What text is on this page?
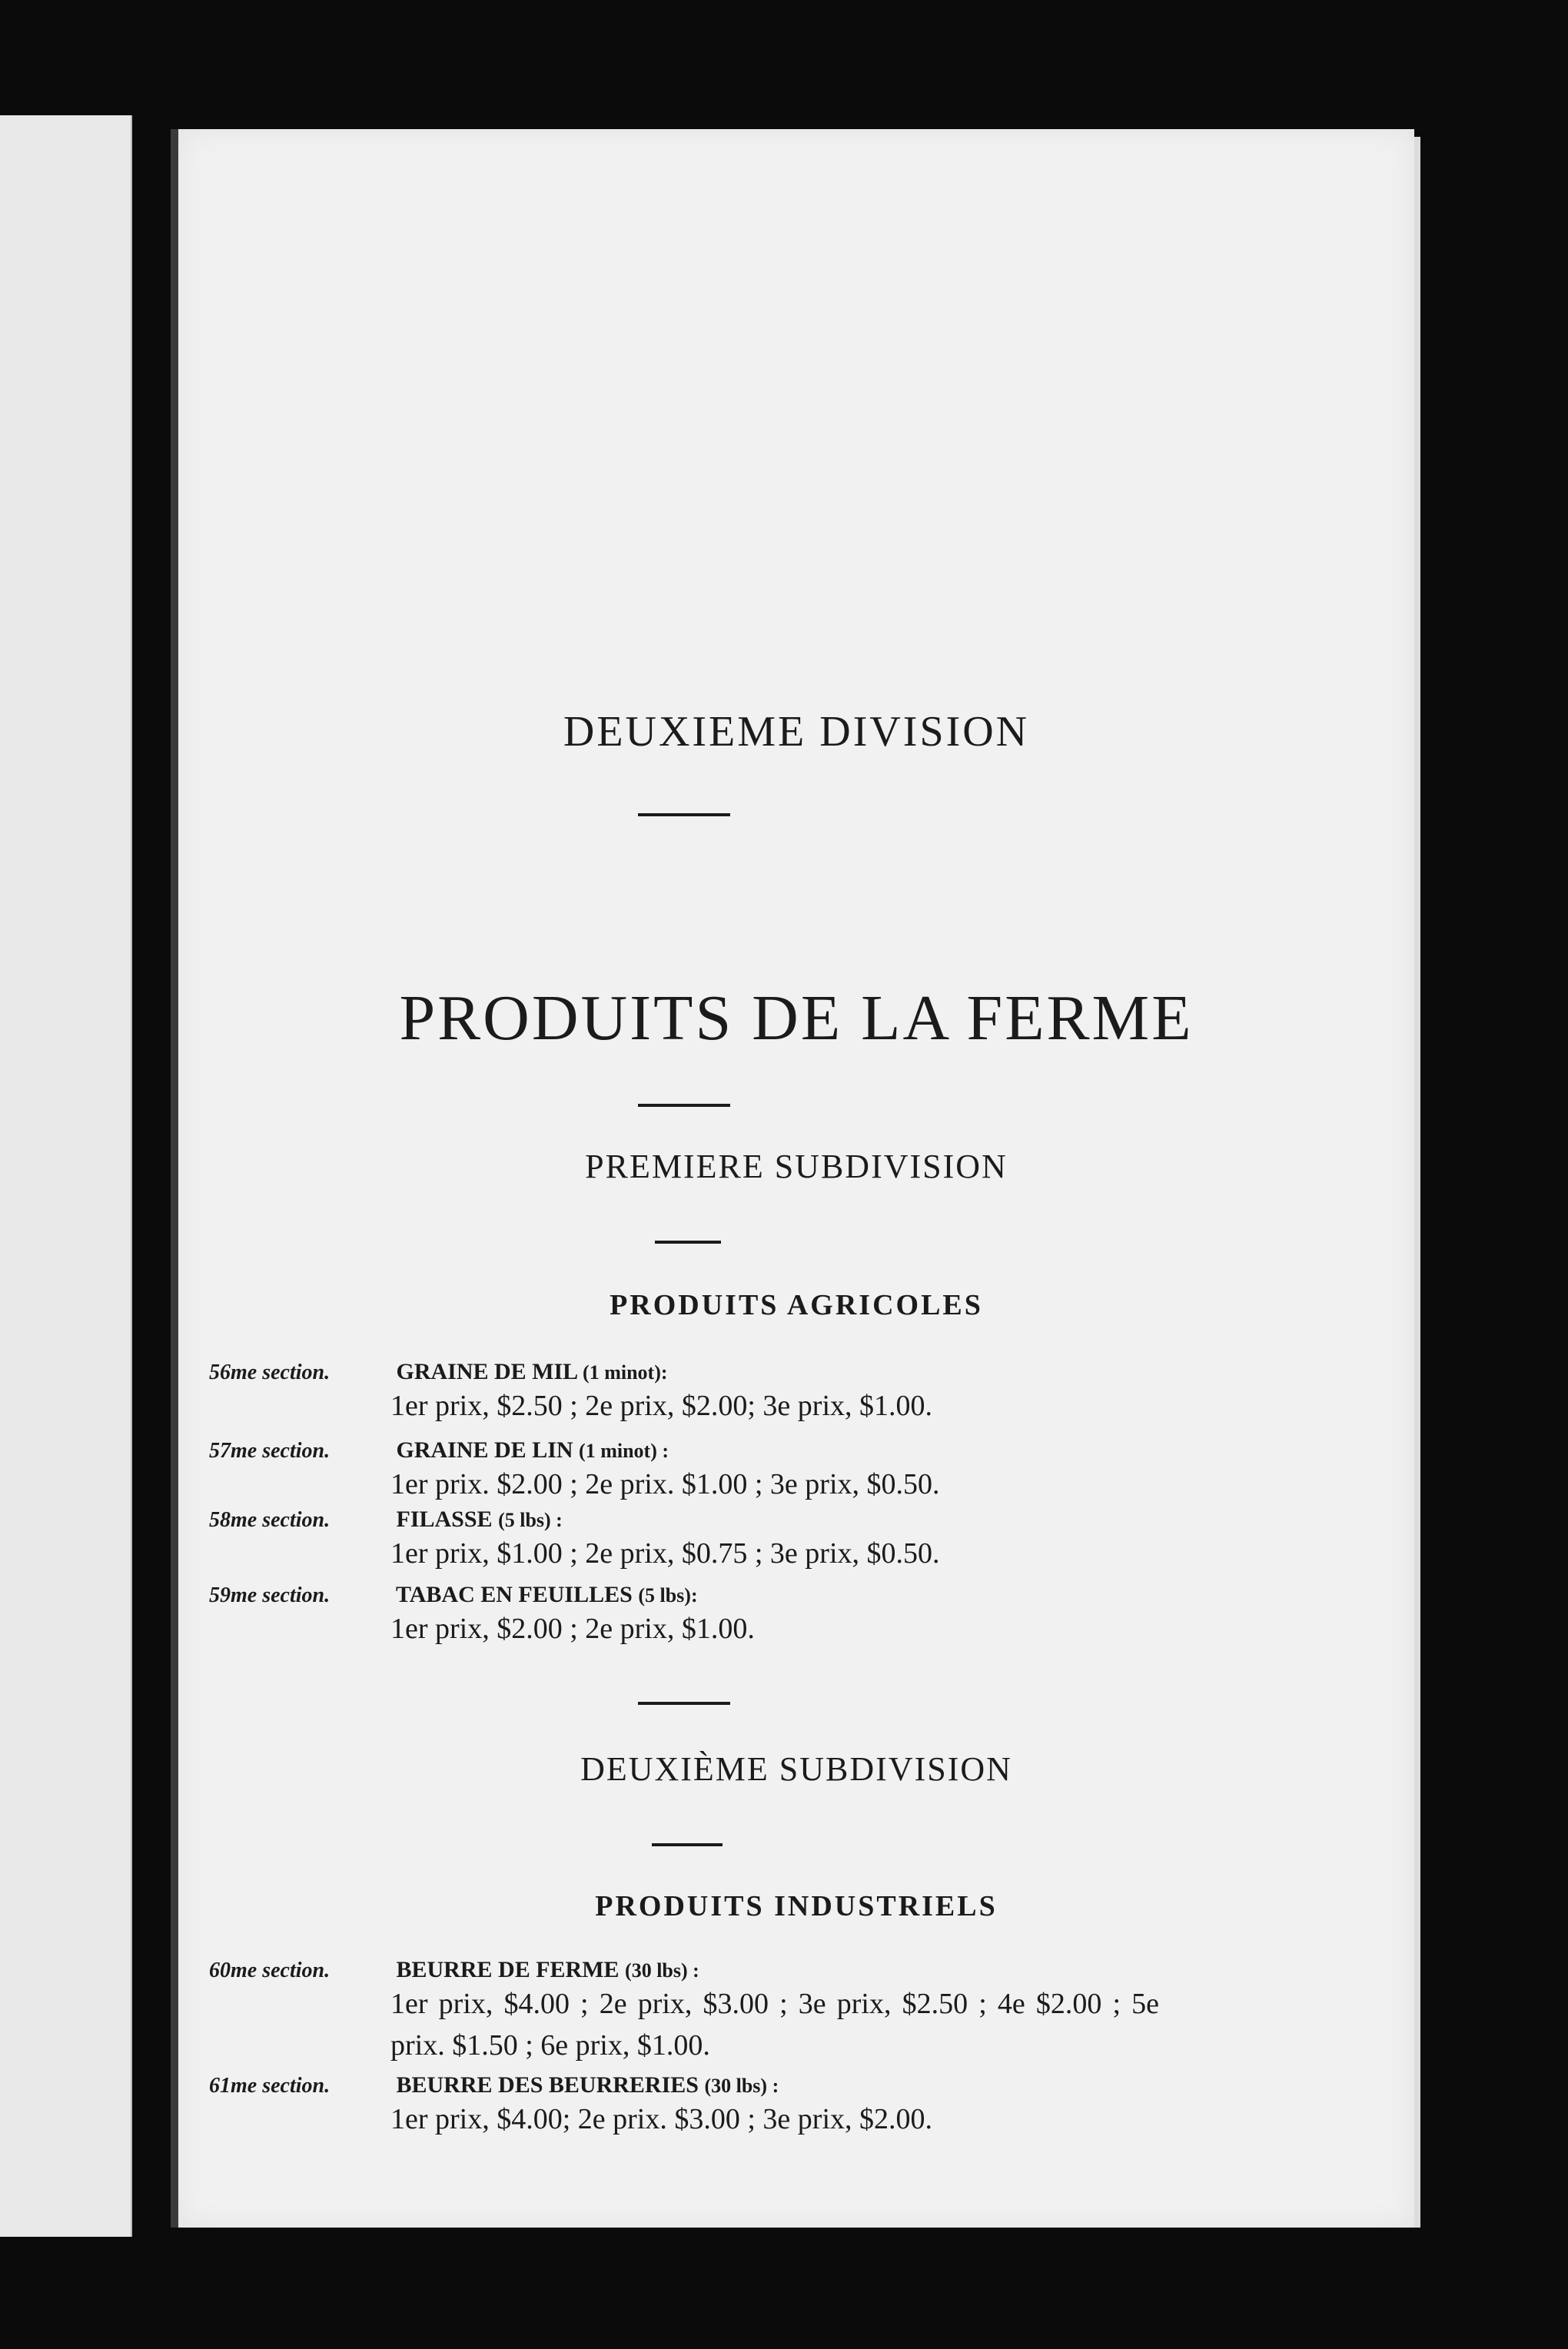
DEUXIEME DIVISION
PRODUITS DE LA FERME
PREMIERE SUBDIVISION
PRODUITS AGRICOLES
56me section.	GRAINE DE MIL (1 minot):
1er prix, $2.50 ; 2e prix, $2.00; 3e prix, $1.00.
57me section.	GRAINE DE LIN (1 minot) :
1er prix. $2.00 ; 2e prix. $1.00 ; 3e prix, $0.50.
58me section.	FILASSE (5 lbs) :
1er prix, $1.00 ; 2e prix, $0.75 ; 3e prix, $0.50.
59me section.	TABAC EN FEUILLES (5 lbs):
1er prix, $2.00 ; 2e prix, $1.00.
DEUXIÈME SUBDIVISION
PRODUITS INDUSTRIELS
60me section.	BEURRE DE FERME (30 lbs) :
1er prix, $4.00 ; 2e prix, $3.00 ; 3e prix, $2.50 ; 4e $2.00 ; 5e prix. $1.50 ; 6e prix, $1.00.
61me section.	BEURRE DES BEURRERIES (30 lbs) :
1er prix, $4.00; 2e prix. $3.00 ; 3e prix, $2.00.
